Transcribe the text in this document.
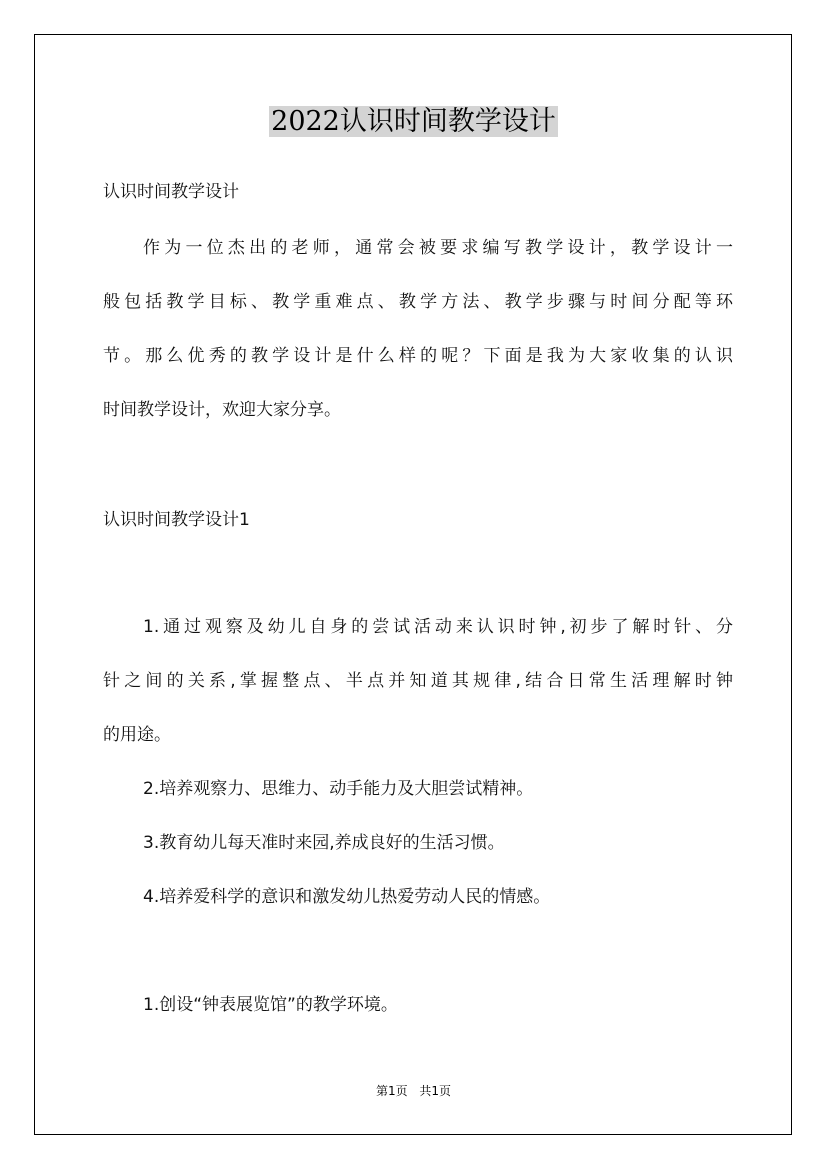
2022认识时间教学设计
认识时间教学设计
作为一位杰出的老师，通常会被要求编写教学设计，教学设计一
般包括教学目标、教学重难点、教学方法、教学步骤与时间分配等环
节。那么优秀的教学设计是什么样的呢？下面是我为大家收集的认识
时间教学设计，欢迎大家分享。
认识时间教学设计1
1.通过观察及幼儿自身的尝试活动来认识时钟,初步了解时针、分
针之间的关系,掌握整点、半点并知道其规律,结合日常生活理解时钟
的用途。
2.培养观察力、思维力、动手能力及大胆尝试精神。
3.教育幼儿每天准时来园,养成良好的生活习惯。
4.培养爱科学的意识和激发幼儿热爱劳动人民的情感。
1.创设“钟表展览馆”的教学环境。
第1页 共1页
